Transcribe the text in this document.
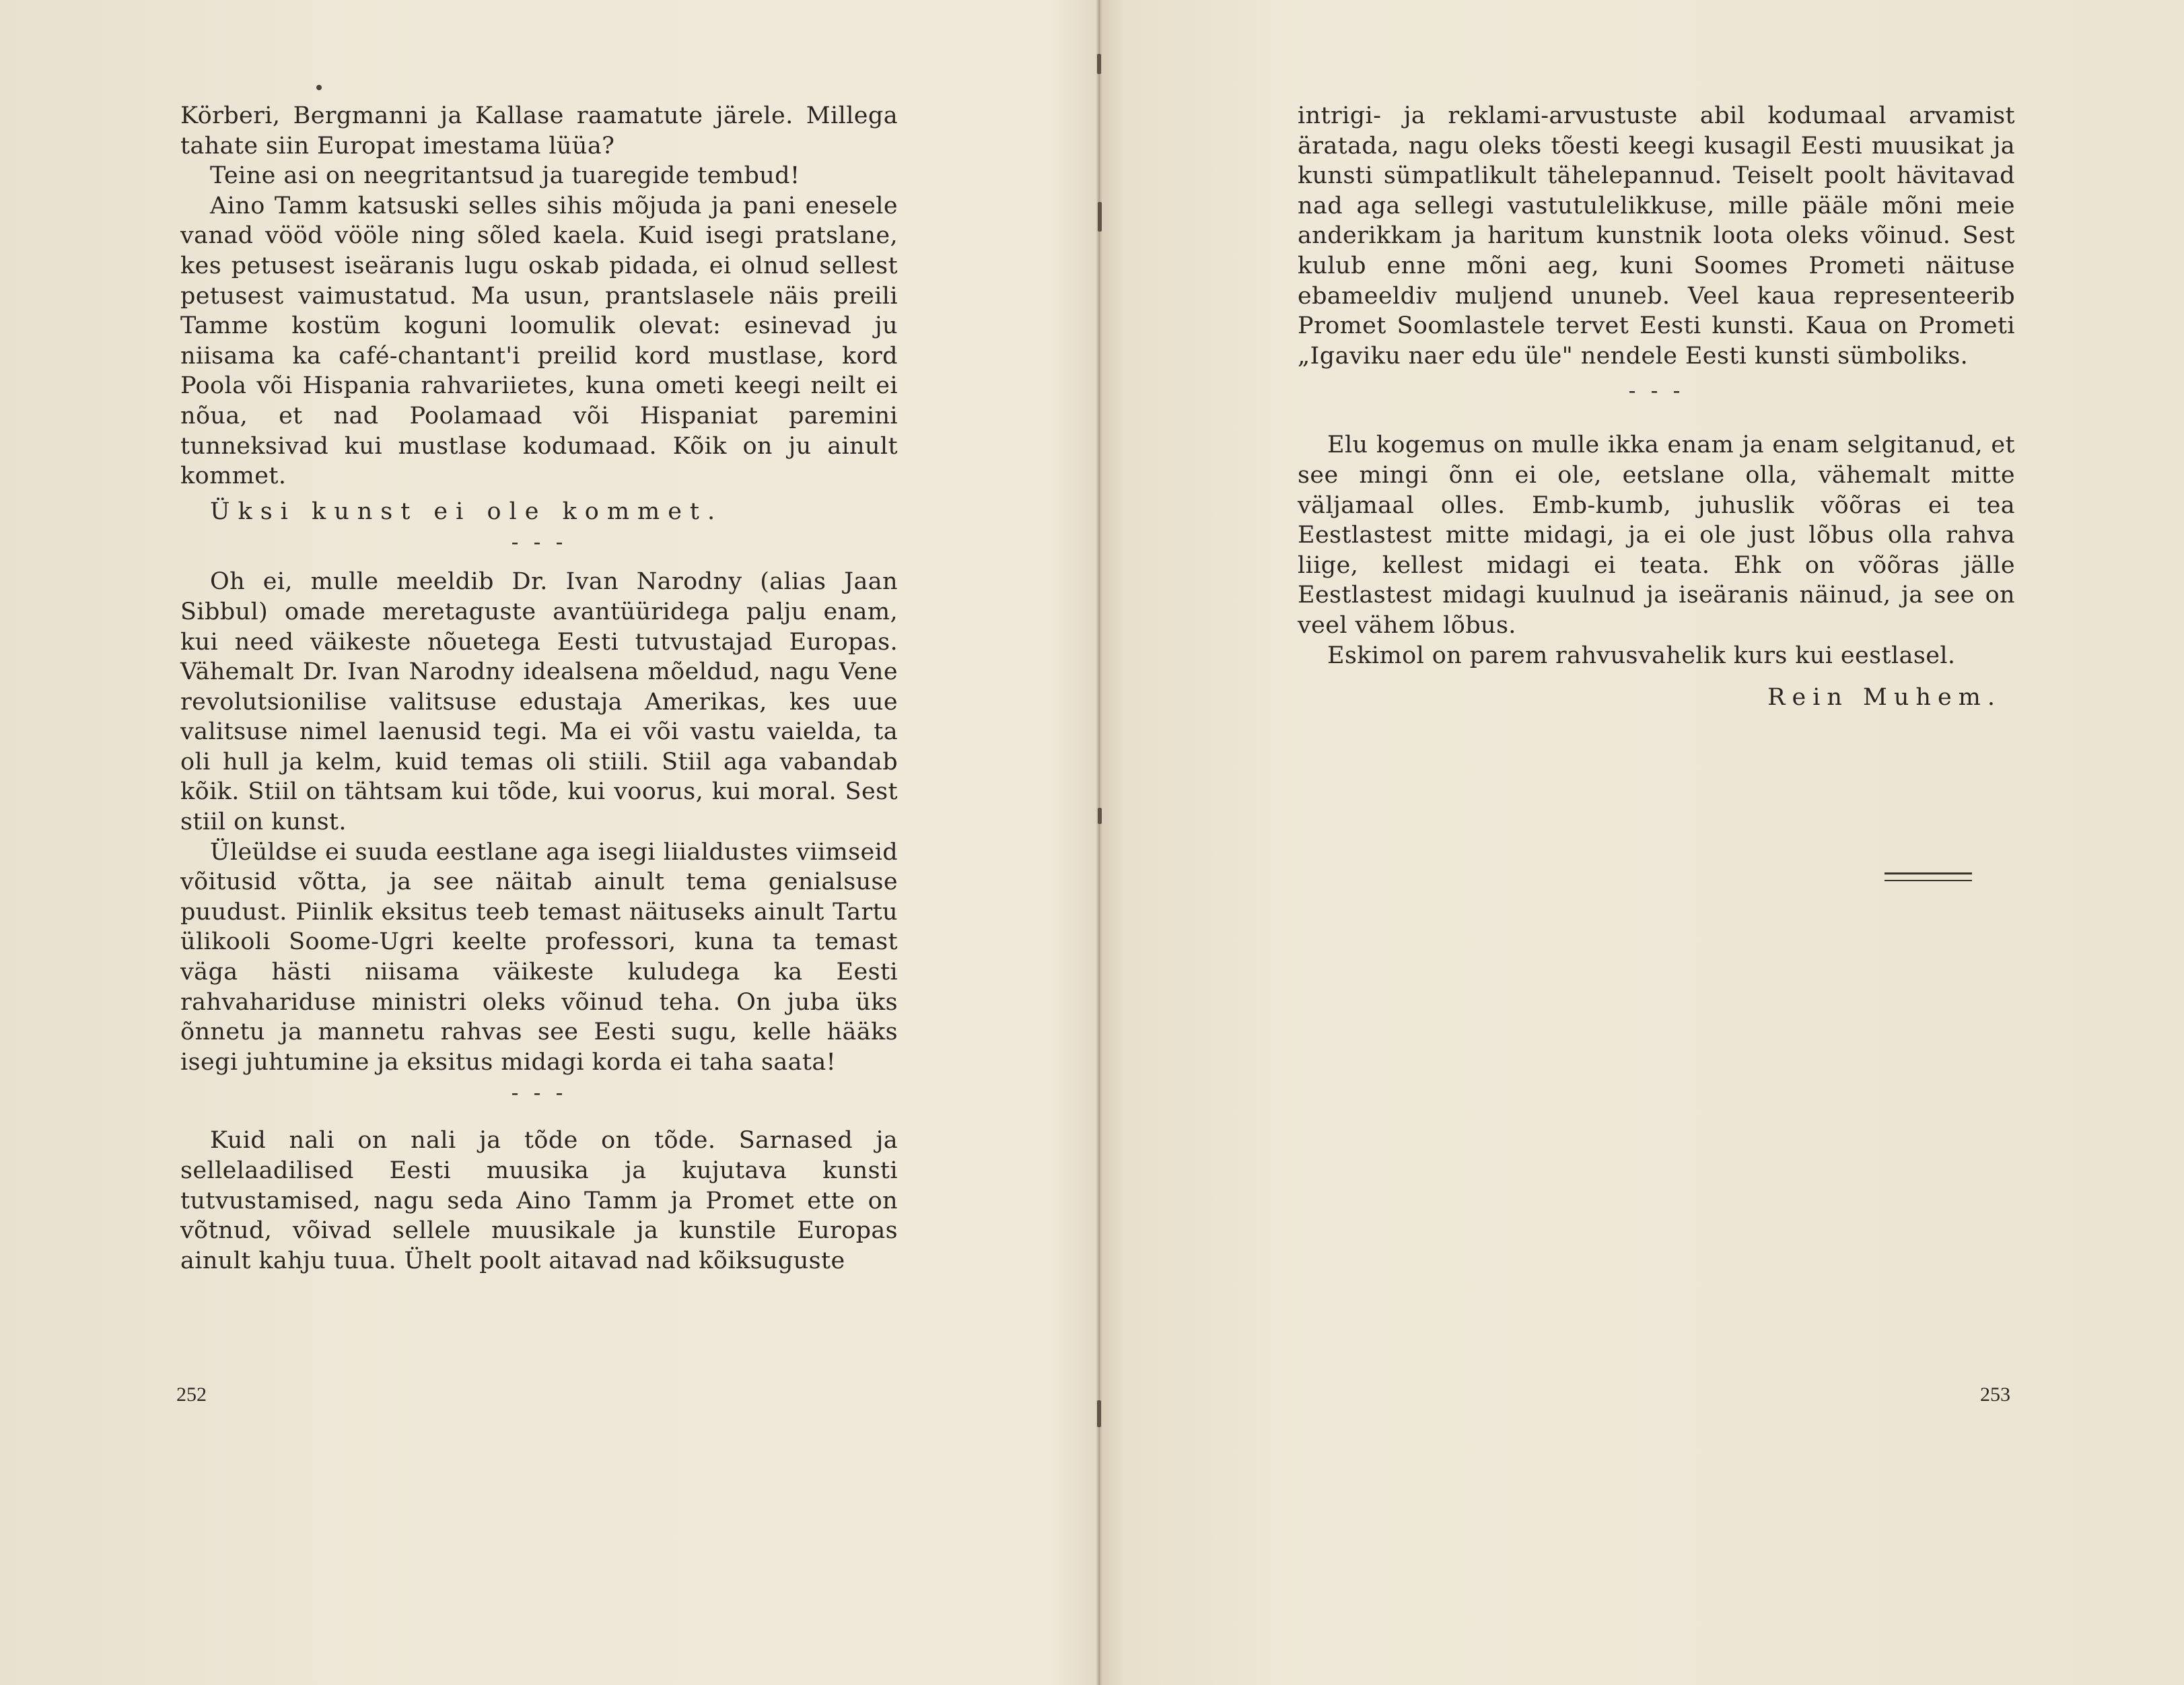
Körberi, Bergmanni ja Kallase raamatute järele. Millega tahate siin Europat imestama lüüa?

Teine asi on neegritantsud ja tuaregide tembud!

Aino Tamm katsuski selles sihis mõjuda ja pani enesele vanad vööd vööle ning sõled kaela. Kuid isegi pratslane, kes petusest iseäranis lugu oskab pidada, ei olnud sellest petusest vaimustatud. Ma usun, prantslasele näis preili Tamme kostüm koguni loomulik olevat: esinevad ju niisama ka café-chantant'i preilid kord mustlase, kord Poola või Hispania rahvariietes, kuna ometi keegi neilt ei nõua, et nad Poolamaad või Hispaniat paremini tunneksivad kui mustlase kodumaad. Kõik on ju ainult kommet.

Üksi kunst ei ole kommet.

- - -

Oh ei, mulle meeldib Dr. Ivan Narodny (alias Jaan Sibbul) omade meretaguste avantüüridega palju enam, kui need väikeste nõuetega Eesti tutvustajad Europas. Vähemalt Dr. Ivan Narodny idealsena mõeldud, nagu Vene revolutsionilise valitsuse edustaja Amerikas, kes uue valitsuse nimel laenusid tegi. Ma ei või vastu vaielda, ta oli hull ja kelm, kuid temas oli stiili. Stiil aga vabandab kõik. Stiil on tähtsam kui tõde, kui voorus, kui moral. Sest stiil on kunst.

Üleüldse ei suuda eestlane aga isegi liialdustes viimseid võitusid võtta, ja see näitab ainult tema genialsuse puudust. Piinlik eksitus teeb temast näituseks ainult Tartu ülikooli Soome-Ugri keelte professori, kuna ta temast väga hästi niisama väikeste kuludega ka Eesti rahvahariduse ministri oleks võinud teha. On juba üks õnnetu ja mannetu rahvas see Eesti sugu, kelle hääks isegi juhtumine ja eksitus midagi korda ei taha saata!

- - -

Kuid nali on nali ja tõde on tõde. Sarnased ja sellelaadilised Eesti muusika ja kujutava kunsti tutvustamised, nagu seda Aino Tamm ja Promet ette on võtnud, võivad sellele muusikale ja kunstile Europas ainult kahju tuua. Ühelt poolt aitavad nad kõiksuguste

252

intrigi- ja reklami-arvustuste abil kodumaal arvamist äratada, nagu oleks tõesti keegi kusagil Eesti muusikat ja kunsti sümpatlikult tähelepannud. Teiselt poolt hävitavad nad aga sellegi vastutulelikkuse, mille pääle mõni meie anderikkam ja haritum kunstnik loota oleks võinud. Sest kulub enne mõni aeg, kuni Soomes Prometi näituse ebameeldiv muljend ununeb. Veel kaua representeerib Promet Soomlastele tervet Eesti kunsti. Kaua on Prometi „Igaviku naer edu üle" nendele Eesti kunsti sümboliks.

- - -

Elu kogemus on mulle ikka enam ja enam selgitanud, et see mingi õnn ei ole, eetslane olla, vähemalt mitte väljamaal olles. Emb-kumb, juhuslik võõras ei tea Eestlastest mitte midagi, ja ei ole just lõbus olla rahva liige, kellest midagi ei teata. Ehk on võõras jälle Eestlastest midagi kuulnud ja iseäranis näinud, ja see on veel vähem lõbus.

Eskimol on parem rahvusvahelik kurs kui eestlasel.

Rein Muhem.
253
